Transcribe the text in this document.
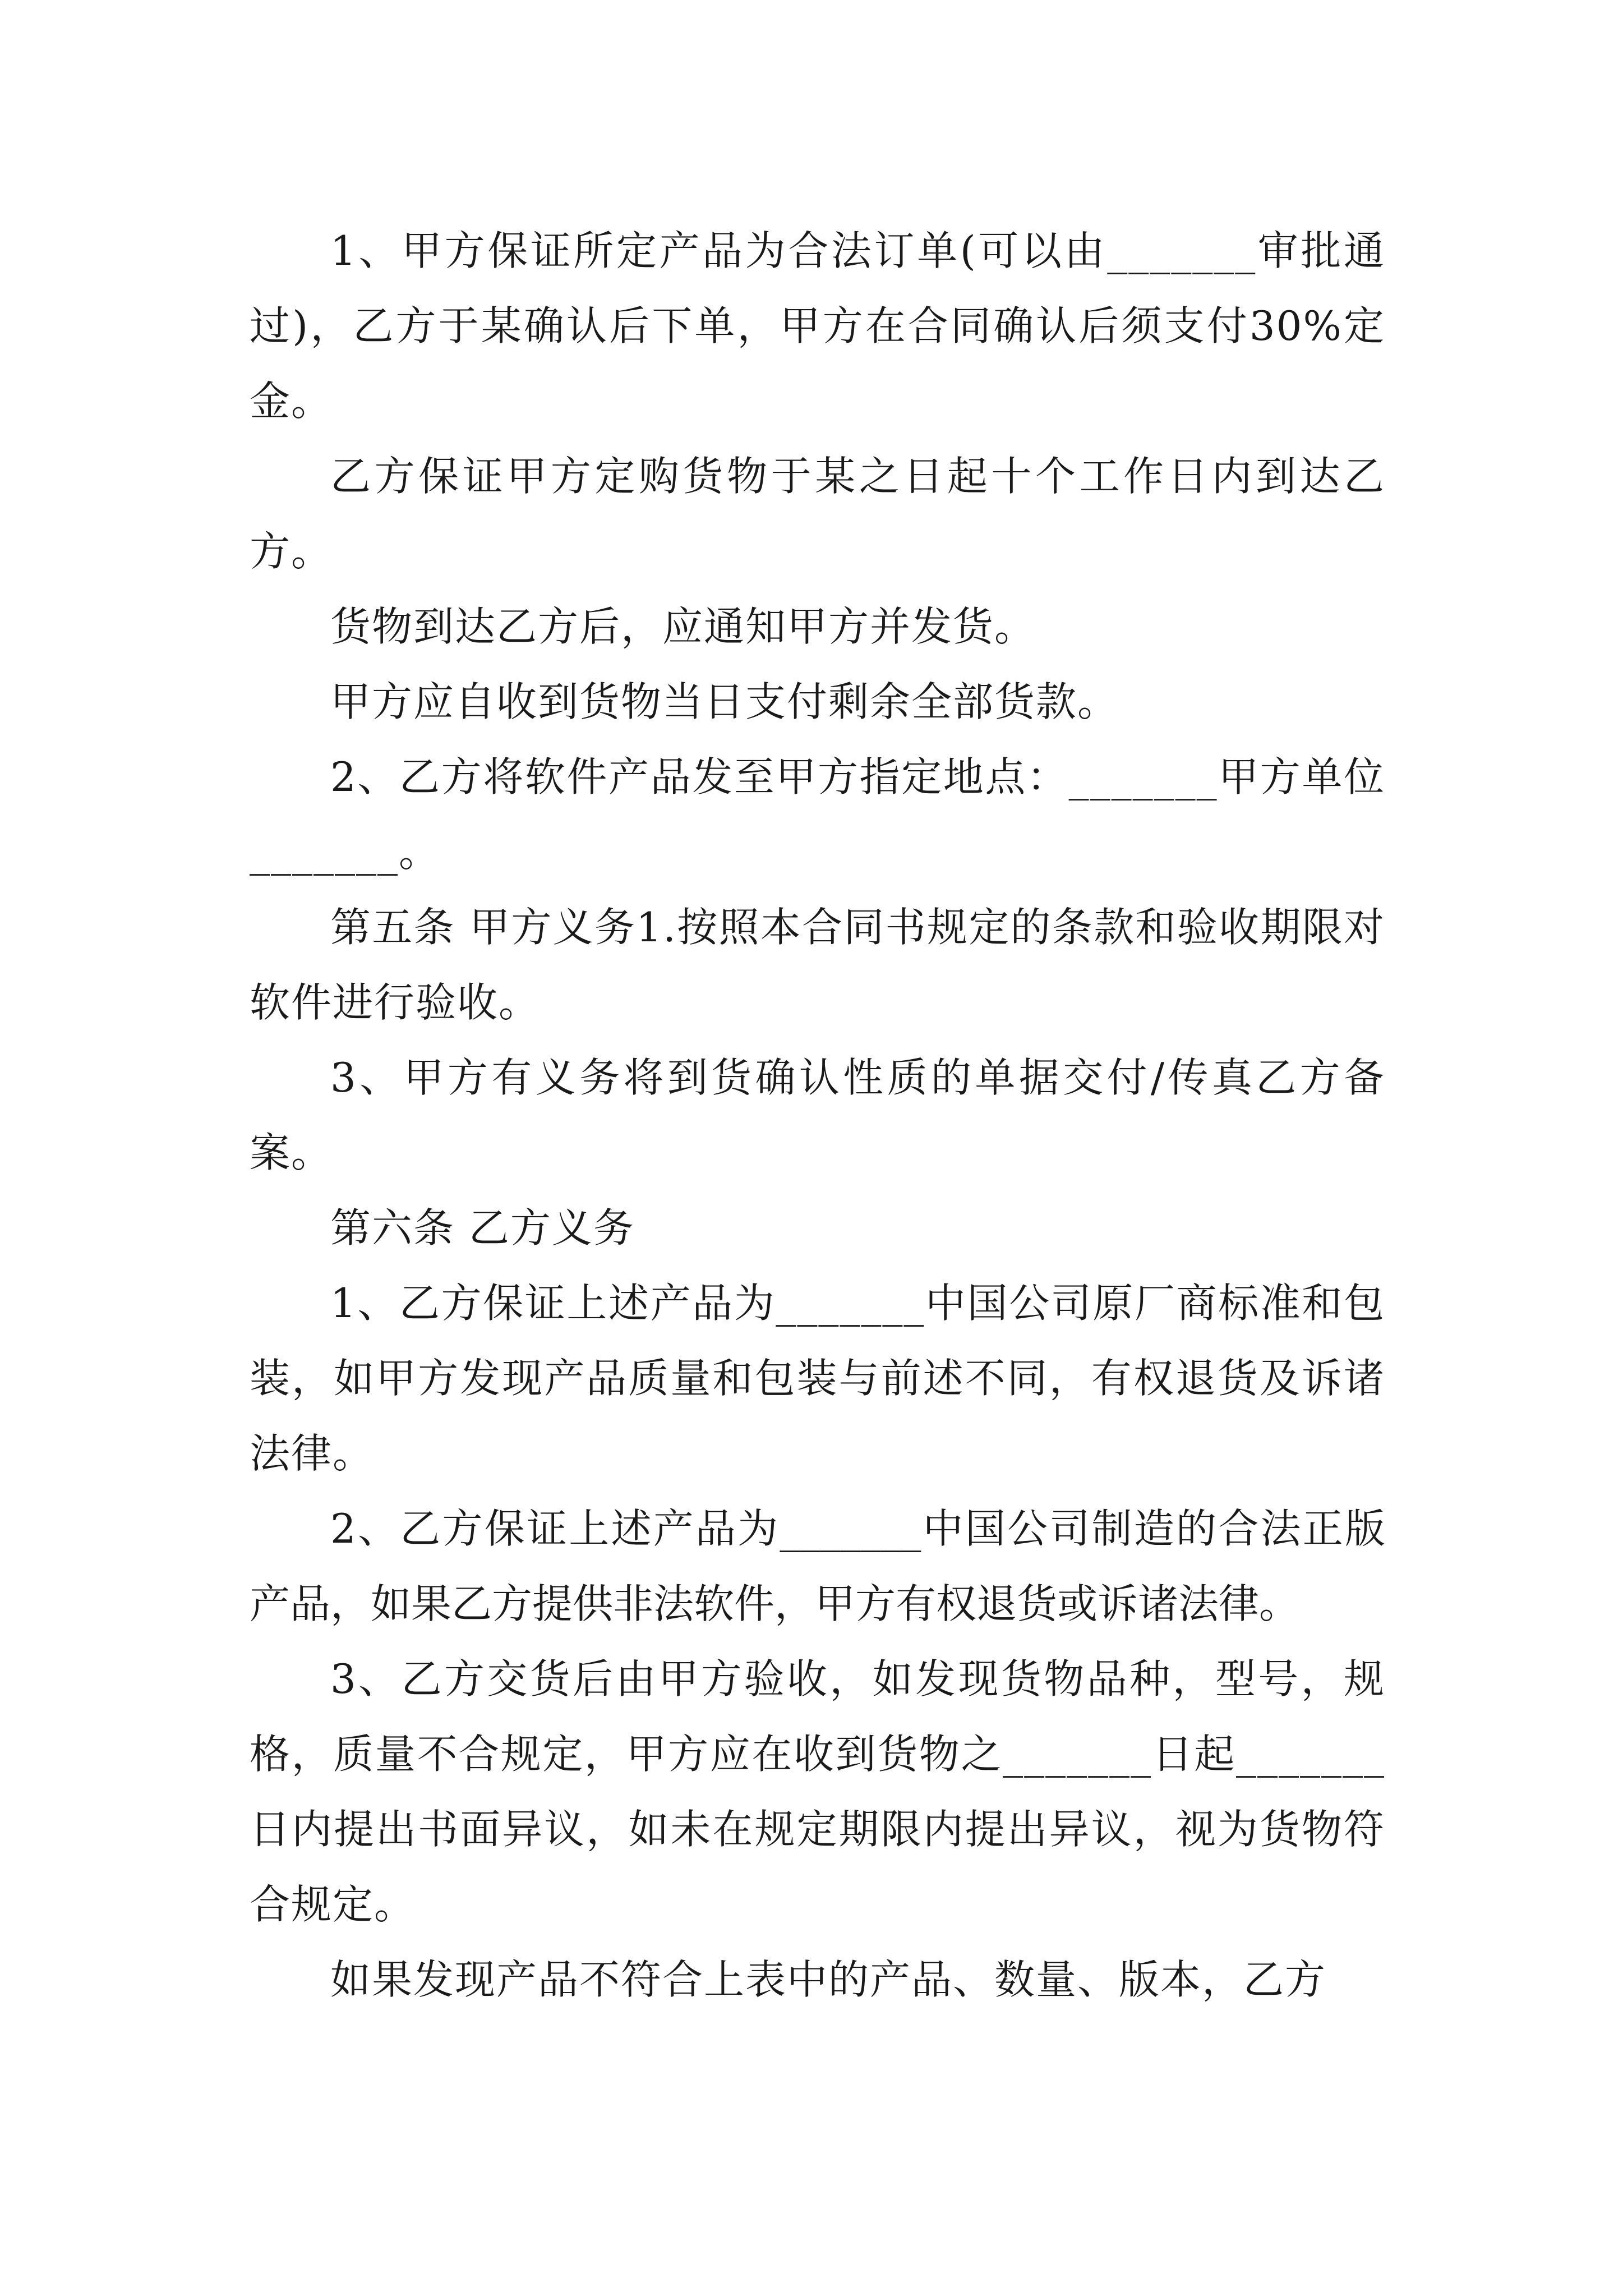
1、甲方保证所定产品为合法订单(可以由_______审批通过)，乙方于某确认后下单，甲方在合同确认后须支付30%定金。

乙方保证甲方定购货物于某之日起十个工作日内到达乙方。

货物到达乙方后，应通知甲方并发货。

甲方应自收到货物当日支付剩余全部货款。

2、乙方将软件产品发至甲方指定地点：_______甲方单位_______。

第五条 甲方义务1.按照本合同书规定的条款和验收期限对软件进行验收。

3、甲方有义务将到货确认性质的单据交付/传真乙方备案。

第六条 乙方义务

1、乙方保证上述产品为_______中国公司原厂商标准和包装，如甲方发现产品质量和包装与前述不同，有权退货及诉诸法律。

2、乙方保证上述产品为_______中国公司制造的合法正版产品，如果乙方提供非法软件，甲方有权退货或诉诸法律。

3、乙方交货后由甲方验收，如发现货物品种，型号，规格，质量不合规定，甲方应在收到货物之_______日起_______日内提出书面异议，如未在规定期限内提出异议，视为货物符合规定。

如果发现产品不符合上表中的产品、数量、版本，乙方
